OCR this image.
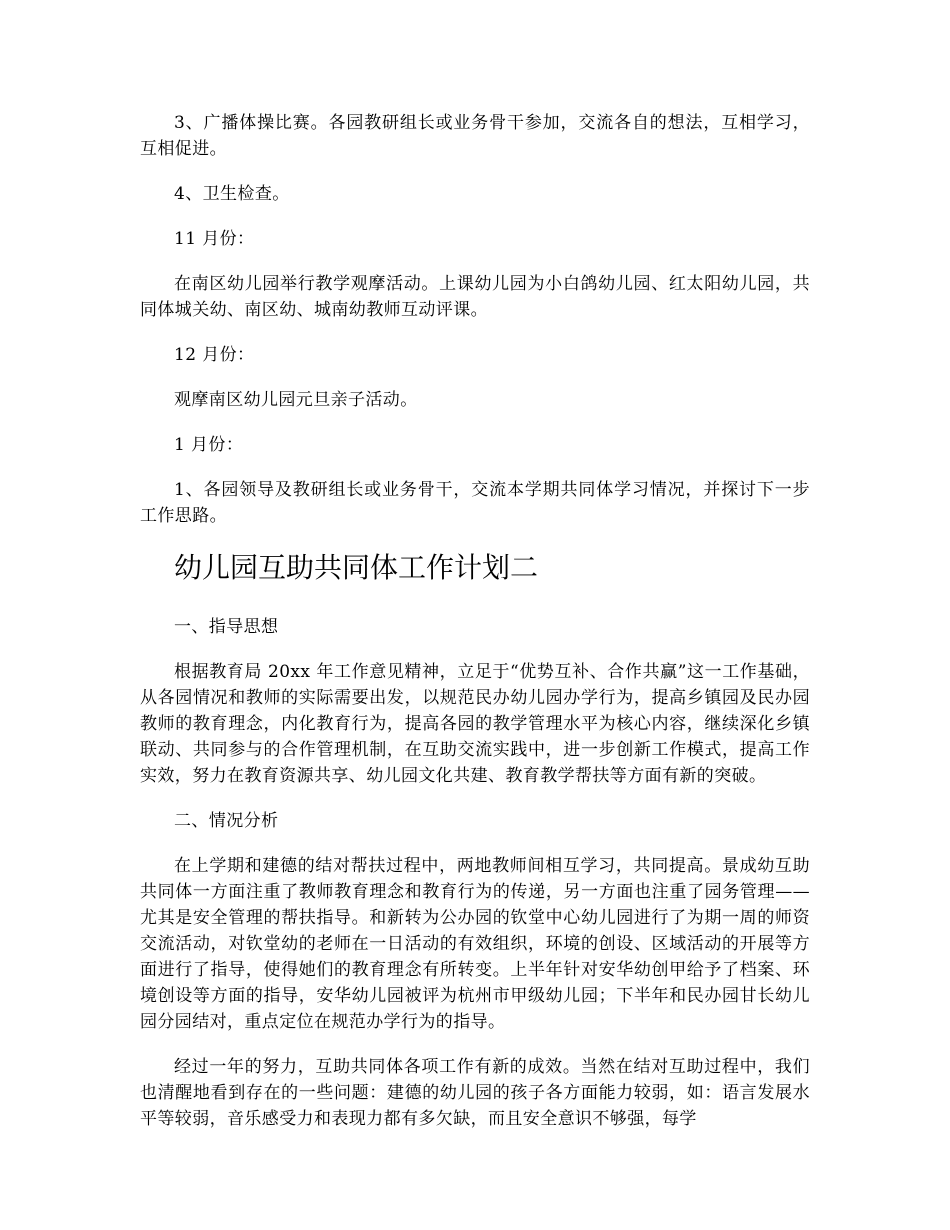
3、广播体操比赛。各园教研组长或业务骨干参加，交流各自的想法，互相学习，互相促进。

4、卫生检查。

11 月份：

在南区幼儿园举行教学观摩活动。上课幼儿园为小白鸽幼儿园、红太阳幼儿园，共同体城关幼、南区幼、城南幼教师互动评课。

12 月份：

观摩南区幼儿园元旦亲子活动。

1 月份：

1、各园领导及教研组长或业务骨干，交流本学期共同体学习情况，并探讨下一步工作思路。

幼儿园互助共同体工作计划二

一、指导思想

根据教育局 20xx 年工作意见精神，立足于“优势互补、合作共赢”这一工作基础，从各园情况和教师的实际需要出发，以规范民办幼儿园办学行为，提高乡镇园及民办园教师的教育理念，内化教育行为，提高各园的教学管理水平为核心内容，继续深化乡镇联动、共同参与的合作管理机制，在互助交流实践中，进一步创新工作模式，提高工作实效，努力在教育资源共享、幼儿园文化共建、教育教学帮扶等方面有新的突破。

二、情况分析

在上学期和建德的结对帮扶过程中，两地教师间相互学习，共同提高。景成幼互助共同体一方面注重了教师教育理念和教育行为的传递，另一方面也注重了园务管理——尤其是安全管理的帮扶指导。和新转为公办园的钦堂中心幼儿园进行了为期一周的师资交流活动，对钦堂幼的老师在一日活动的有效组织，环境的创设、区域活动的开展等方面进行了指导，使得她们的教育理念有所转变。上半年针对安华幼创甲给予了档案、环境创设等方面的指导，安华幼儿园被评为杭州市甲级幼儿园；下半年和民办园甘长幼儿园分园结对，重点定位在规范办学行为的指导。

经过一年的努力，互助共同体各项工作有新的成效。当然在结对互助过程中，我们也清醒地看到存在的一些问题：建德的幼儿园的孩子各方面能力较弱，如：语言发展水平等较弱，音乐感受力和表现力都有多欠缺，而且安全意识不够强，每学
